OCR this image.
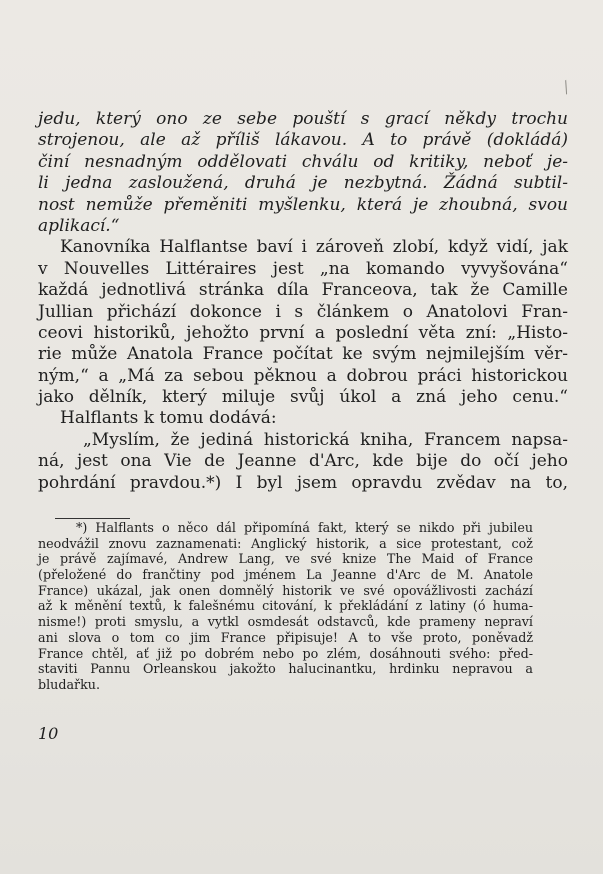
⁄
jedu, který ono ze sebe pouští s grací někdy trochu
strojenou, ale až příliš lákavou. A to právě (dokládá)
činí nesnadným oddělovati chválu od kritiky, neboť je-
li jedna zasloužená, druhá je nezbytná. Žádná subtil-
nost nemůže přeměniti myšlenku, která je zhoubná, svou
aplikací.“
Kanovníka Halflantse baví i zároveň zlobí, když vidí, jak
v Nouvelles Littéraires jest „na komando vyvyšována“
každá jednotlivá stránka díla Franceova, tak že Camille
Jullian přichází dokonce i s článkem o Anatolovi Fran-
ceovi historiků, jehožto první a poslední věta zní: „Histo-
rie může Anatola France počítat ke svým nejmilejším věr-
ným,“ a „Má za sebou pěknou a dobrou práci historickou
jako dělník, který miluje svůj úkol a zná jeho cenu.“
Halflants k tomu dodává:
„Myslím, že jediná historická kniha, Francem napsa-
ná, jest ona Vie de Jeanne d'Arc, kde bije do očí jeho
pohrdání pravdou.*) I byl jsem opravdu zvědav na to,
*) Halflants o něco dál připomíná fakt, který se nikdo při jubileu
neodvážil znovu zaznamenati: Anglický historik, a sice protestant, což
je právě zajímavé, Andrew Lang, ve své knize The Maid of France
(přeložené do frančtiny pod jménem La Jeanne d'Arc de M. Anatole
France) ukázal, jak onen domnělý historik ve své opovážlivosti zachází
až k měnění textů, k falešnému citování, k překládání z latiny (ó huma-
nisme!) proti smyslu, a vytkl osmdesát odstavců, kde prameny nepraví
ani slova o tom co jim France připisuje! A to vše proto, poněvadž
France chtěl, ať již po dobrém nebo po zlém, dosáhnouti svého: před-
staviti Pannu Orleanskou jakožto halucinantku, hrdinku nepravou a
bludařku.
10
